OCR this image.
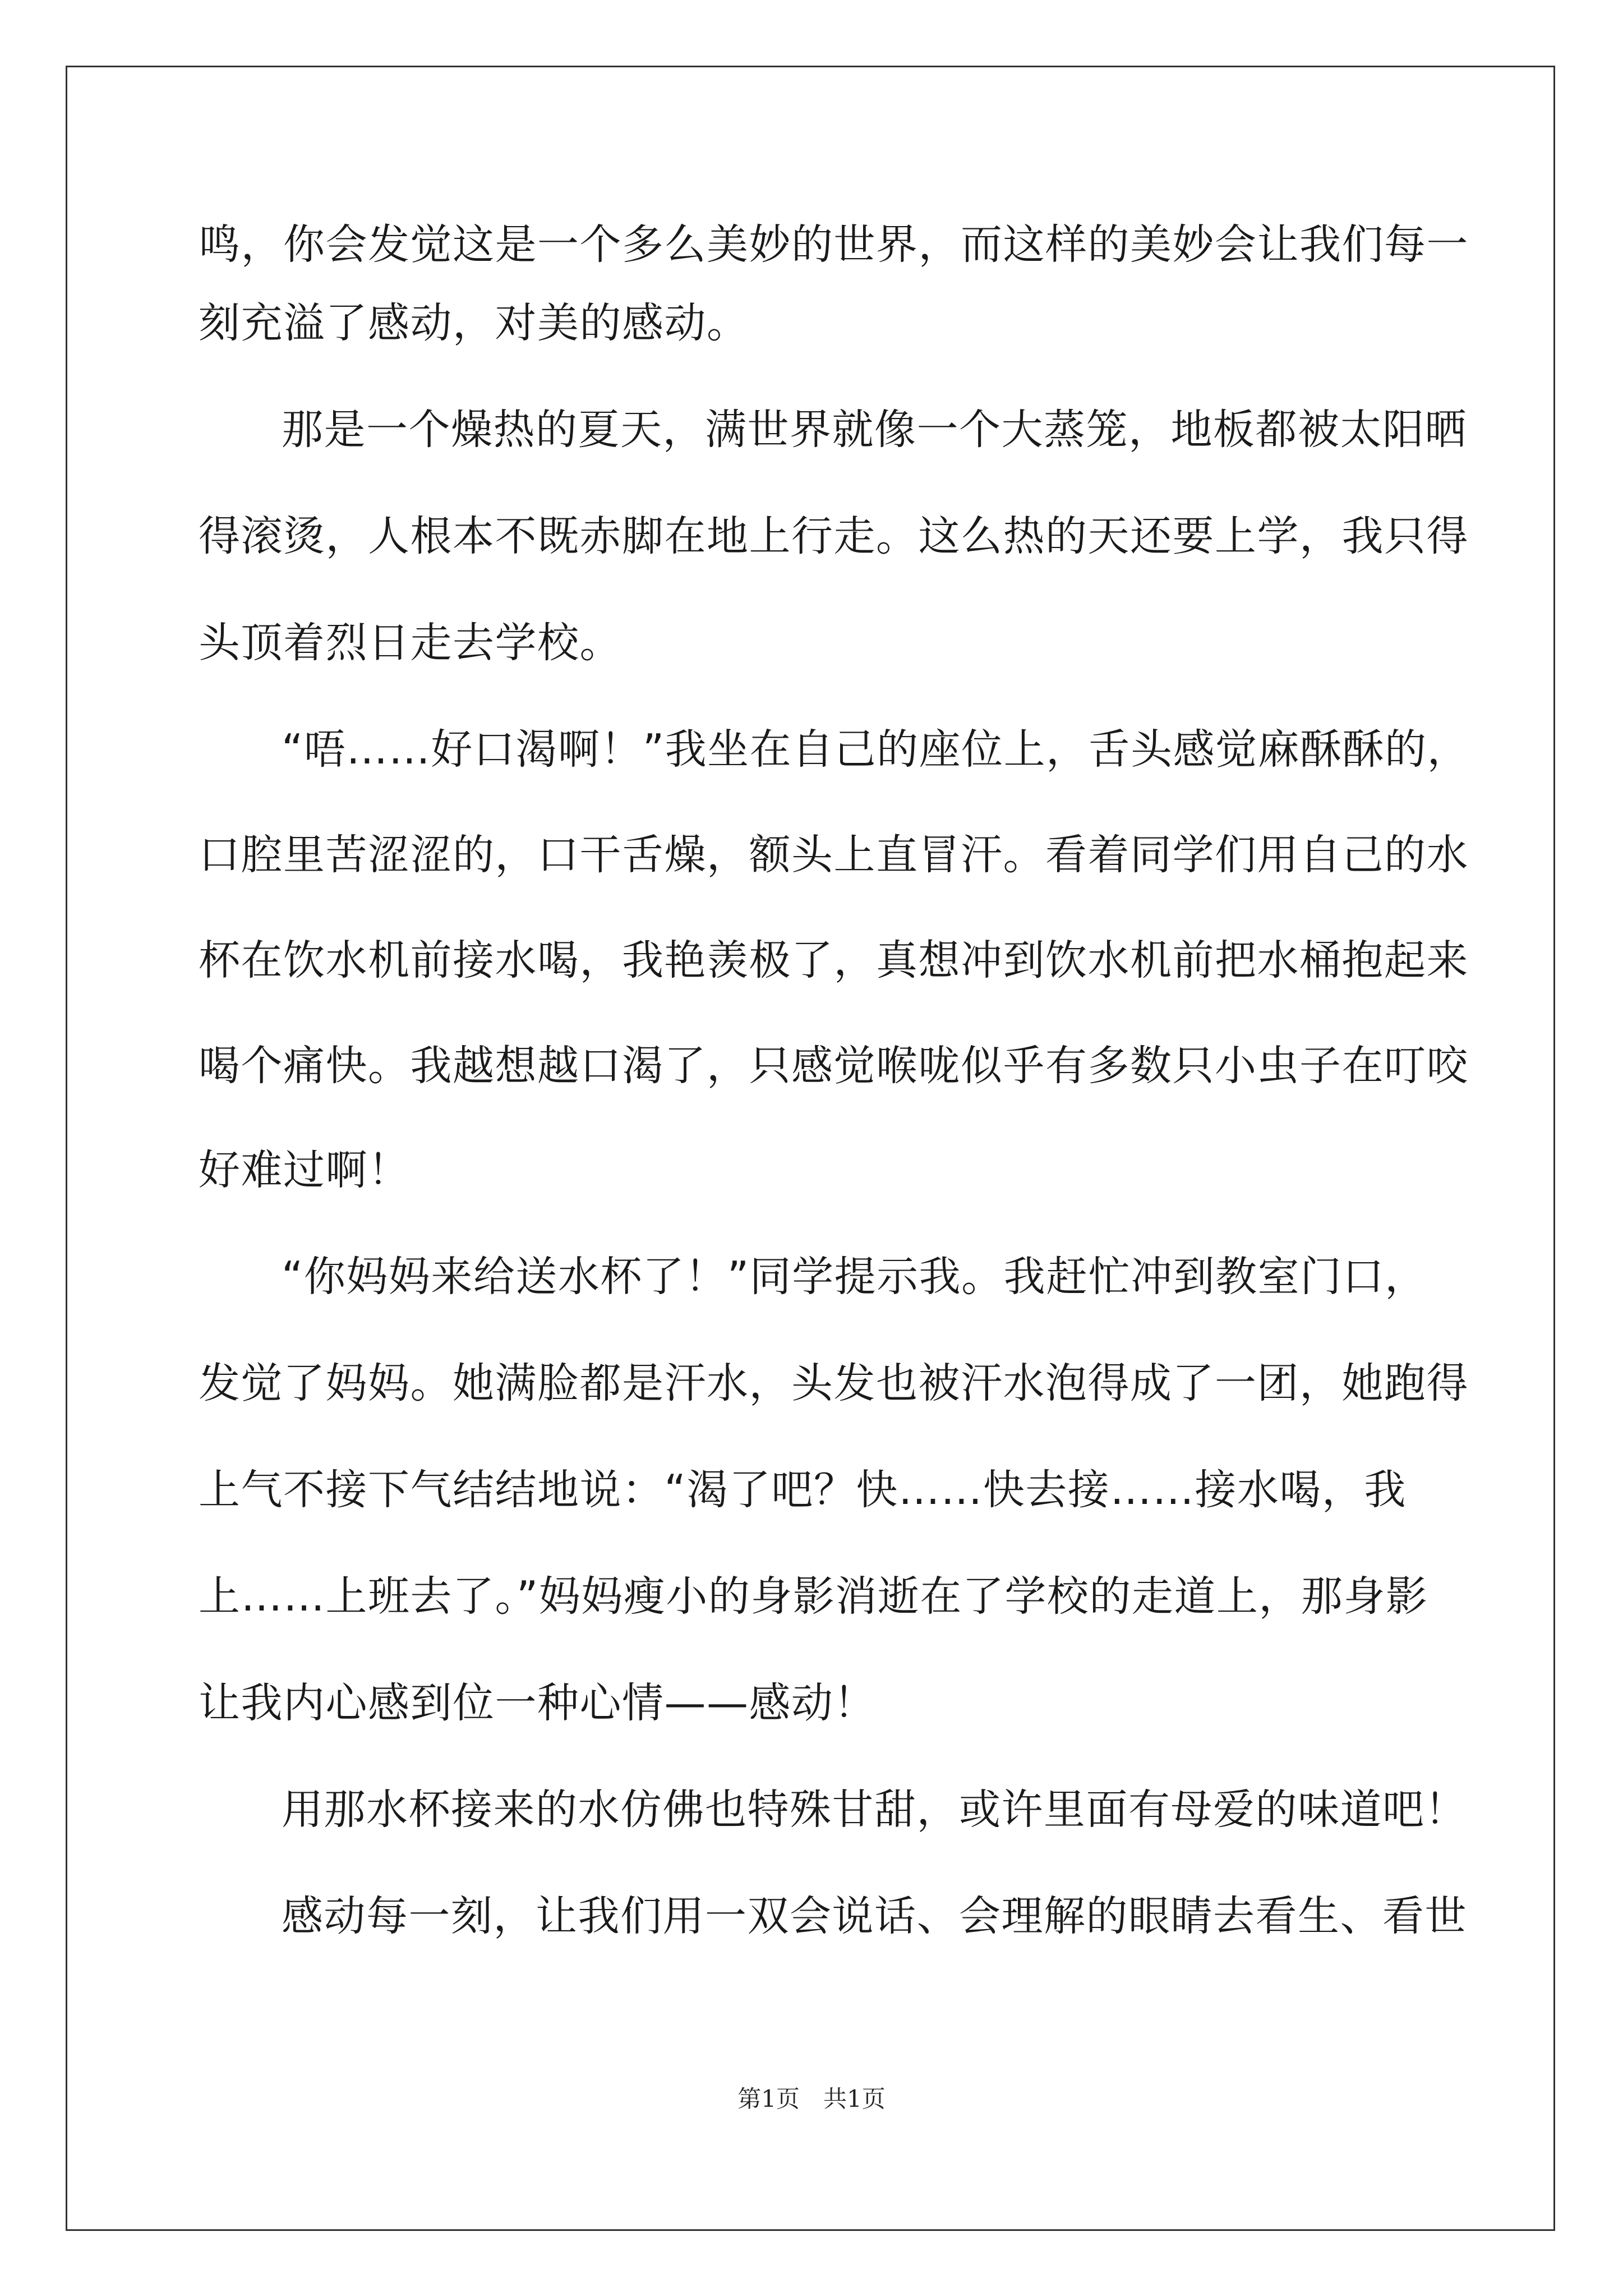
鸣，你会发觉这是一个多么美妙的世界，而这样的美妙会让我们每一
刻充溢了感动，对美的感动。
那是一个燥热的夏天，满世界就像一个大蒸笼，地板都被太阳晒
得滚烫，人根本不既赤脚在地上行走。这么热的天还要上学，我只得
头顶着烈日走去学校。
“唔……好口渴啊！”我坐在自己的座位上，舌头感觉麻酥酥的，
口腔里苦涩涩的，口干舌燥，额头上直冒汗。看着同学们用自己的水
杯在饮水机前接水喝，我艳羡极了，真想冲到饮水机前把水桶抱起来
喝个痛快。我越想越口渴了，只感觉喉咙似乎有多数只小虫子在叮咬
好难过啊！
“你妈妈来给送水杯了！”同学提示我。我赶忙冲到教室门口，
发觉了妈妈。她满脸都是汗水，头发也被汗水泡得成了一团，她跑得
上气不接下气结结地说：“渴了吧？快……快去接……接水喝，我
上……上班去了。”妈妈瘦小的身影消逝在了学校的走道上，那身影
让我内心感到位一种心情——感动！
用那水杯接来的水仿佛也特殊甘甜，或许里面有母爱的味道吧！
感动每一刻，让我们用一双会说话、会理解的眼睛去看生、看世
第1页　共1页
